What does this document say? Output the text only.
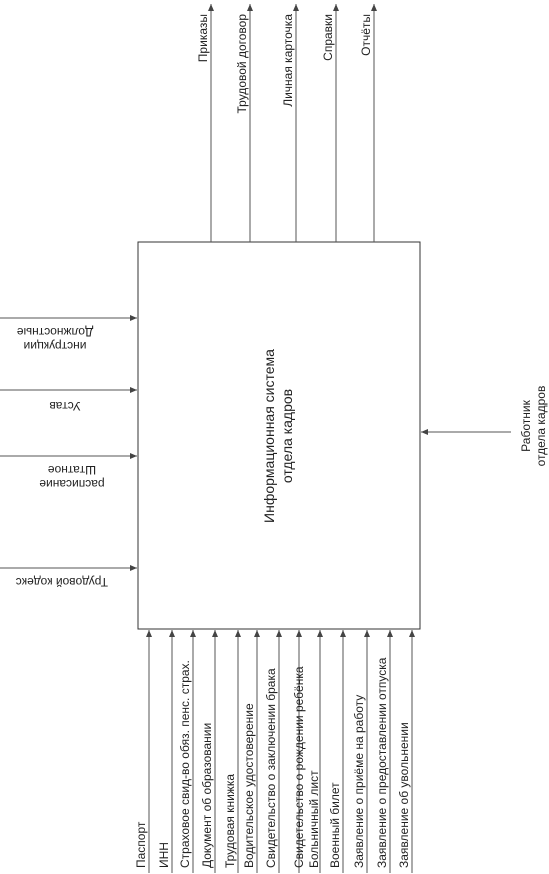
Информационная система отдела кадров
Приказы Трудовой договор	Личная карточка Справки Отчёты
Должностные
инструкции
Устав
Штатное
расписание
Трудовой кодекс
Работник отдела кадров
Паспорт ИНН Страховое свид-во обяз. пенс. страх. Документ об образовании Трудовая книжка Водительское удостоверение Свидетельство о заключении брака Свидетельство о рождении ребёнка Больничный лист Военный билет Заявление о приёме на работу Заявление о предоставлении отпуска Заявление об увольнении
